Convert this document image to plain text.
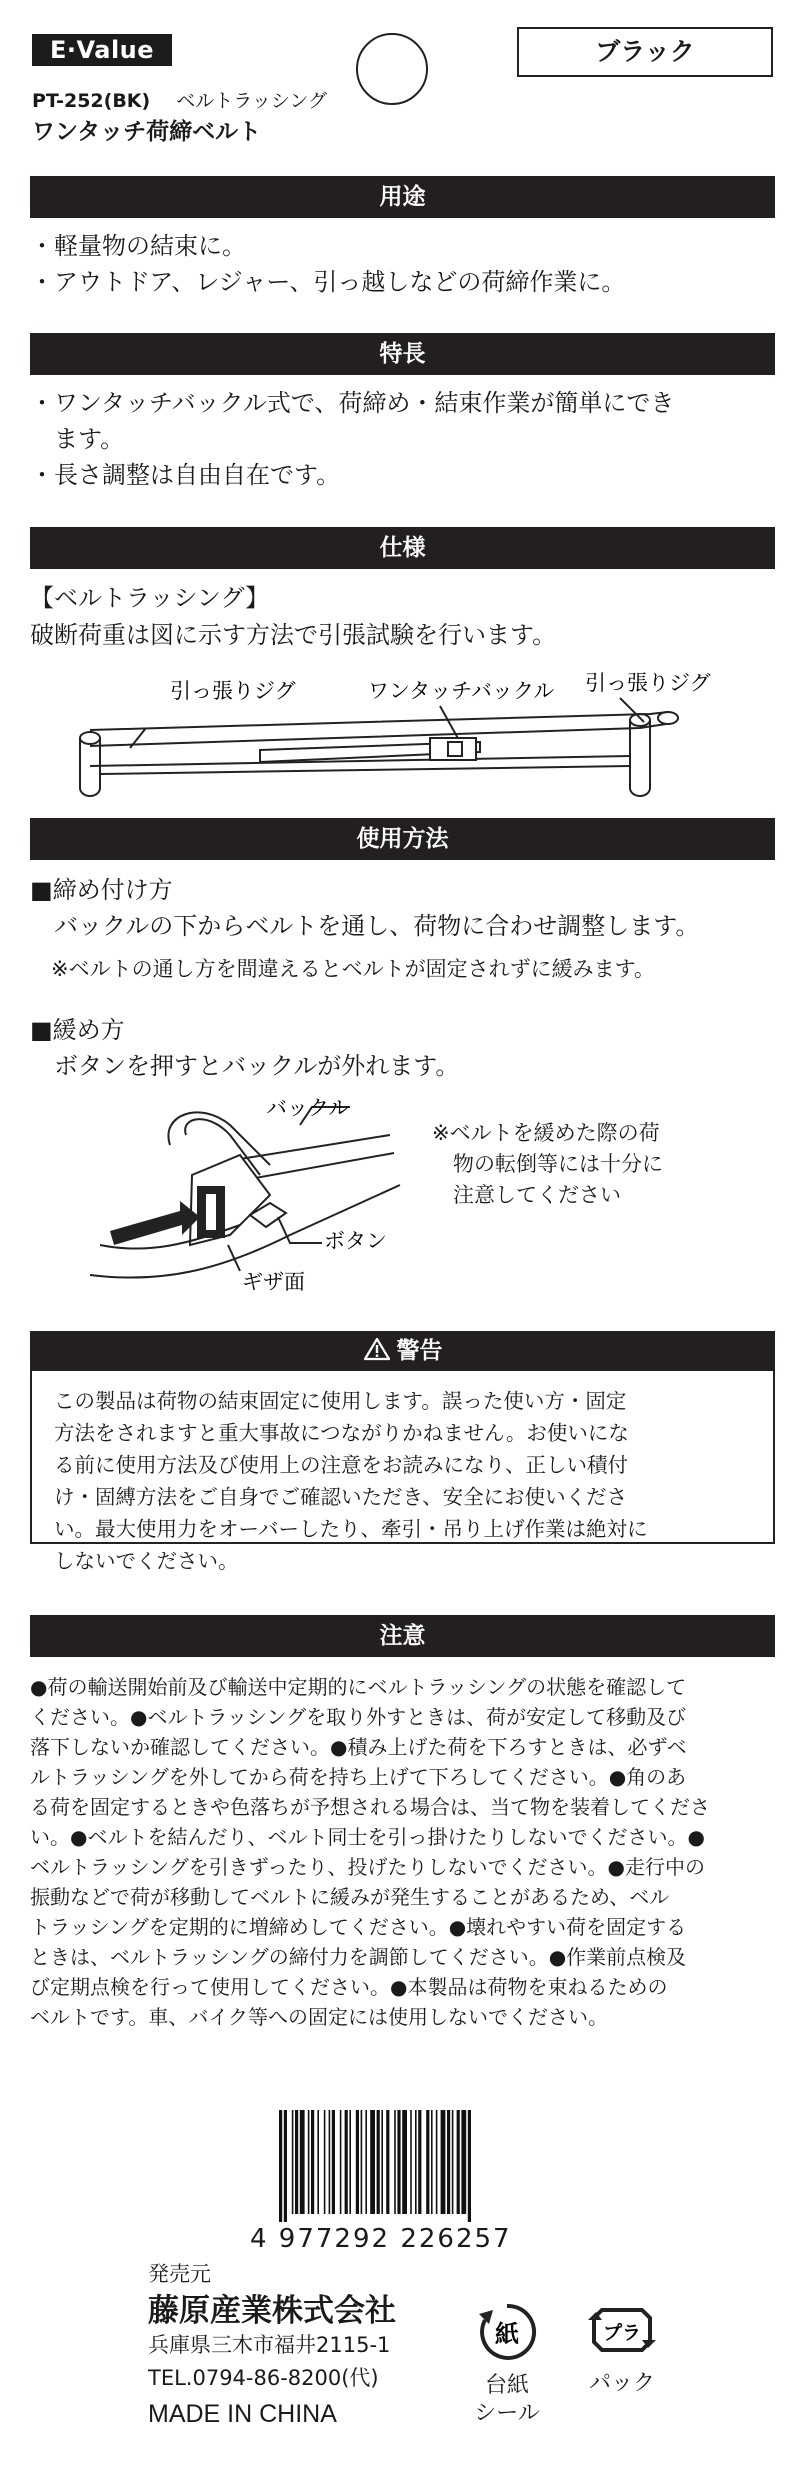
E·Value	ブラック
PT-252(BK) ベルトラッシング
ワンタッチ荷締ベルト
用途
・軽量物の結束に。
・アウトドア、レジャー、引っ越しなどの荷締作業に。
特長
・ワンタッチバックル式で、荷締め・結束作業が簡単にでき
　ます。
・長さ調整は自由自在です。
仕様
【ベルトラッシング】
破断荷重は図に示す方法で引張試験を行います。
引っ張りジグ	ワンタッチバックル 引っ張りジグ
使用方法
■締め付け方
　バックルの下からベルトを通し、荷物に合わせ調整します。
　※ベルトの通し方を間違えるとベルトが固定されずに緩みます。
■緩め方
　ボタンを押すとバックルが外れます。
バックル
ボタン
ギザ面
※ベルトを緩めた際の荷
　物の転倒等には十分に
　注意してください
警告
この製品は荷物の結束固定に使用します。誤った使い方・固定
方法をされますと重大事故につながりかねません。お使いにな
る前に使用方法及び使用上の注意をお読みになり、正しい積付
け・固縛方法をご自身でご確認いただき、安全にお使いくださ
い。最大使用力をオーバーしたり、牽引・吊り上げ作業は絶対に
しないでください。
注意
●荷の輸送開始前及び輸送中定期的にベルトラッシングの状態を確認して
ください。●ベルトラッシングを取り外すときは、荷が安定して移動及び
落下しないか確認してください。●積み上げた荷を下ろすときは、必ずベ
ルトラッシングを外してから荷を持ち上げて下ろしてください。●角のあ
る荷を固定するときや色落ちが予想される場合は、当て物を装着してくださ
い。●ベルトを結んだり、ベルト同士を引っ掛けたりしないでください。●
ベルトラッシングを引きずったり、投げたりしないでください。●走行中の
振動などで荷が移動してベルトに緩みが発生することがあるため、ベル
トラッシングを定期的に増締めしてください。●壊れやすい荷を固定する
ときは、ベルトラッシングの締付力を調節してください。●作業前点検及
び定期点検を行って使用してください。●本製品は荷物を束ねるための
ベルトです。車、バイク等への固定には使用しないでください。
4 977292 226257
発売元
藤原産業株式会社
兵庫県三木市福井2115-1
TEL.0794-86-8200(代)
MADE IN CHINA
紙
台紙
シール
プラ
パック
